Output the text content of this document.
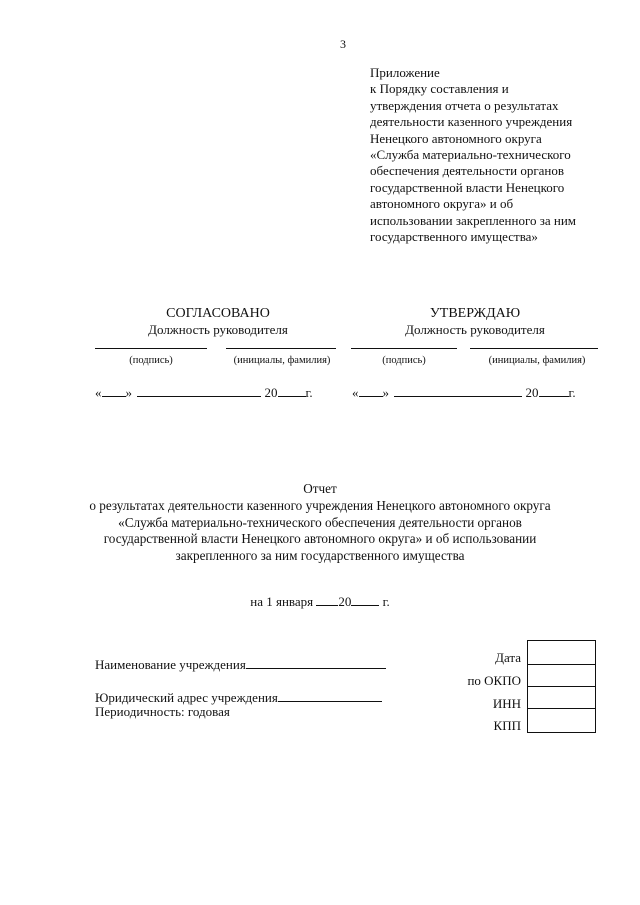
3
Приложение
к Порядку составления и
утверждения отчета о результатах
деятельности казенного учреждения
Ненецкого автономного округа
«Служба материально-технического
обеспечения деятельности органов
государственной власти Ненецкого
автономного округа» и об
использовании закрепленного за ним
государственного имущества»
СОГЛАСОВАНО
Должность руководителя
(подпись)	(инициалы, фамилия)
« »	20 г.
УТВЕРЖДАЮ
Должность руководителя
(подпись)	(инициалы, фамилия)
« »	20 г.
Отчет
о результатах деятельности казенного учреждения Ненецкого автономного округа
«Служба материально-технического обеспечения деятельности органов
государственной власти Ненецкого автономного округа» и об использовании
закрепленного за ним государственного имущества
на 1 января 20 г.
Наименование учреждения
Юридический адрес учреждения
Периодичность: годовая
Дата
по ОКПО
ИНН
КПП
